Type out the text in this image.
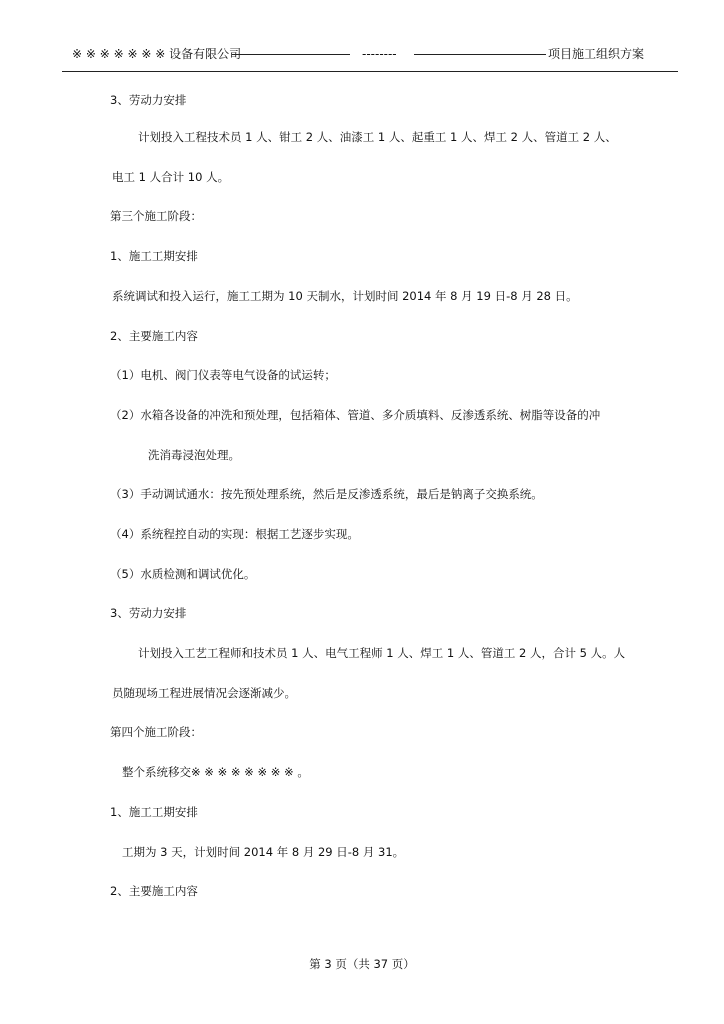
※ ※ ※ ※ ※ ※ ※ 设备有限公司	--------	项目施工组织方案
3、劳动力安排
计划投入工程技术员 1 人、钳工 2 人、油漆工 1 人、起重工 1 人、焊工 2 人、管道工 2 人、
电工 1 人合计 10 人。
第三个施工阶段：
1、施工工期安排
系统调试和投入运行，施工工期为 10 天制水，计划时间 2014 年 8 月 19 日-8 月 28 日。
2、主要施工内容
（1）电机、阀门仪表等电气设备的试运转；
（2）水箱各设备的冲洗和预处理，包括箱体、管道、多介质填料、反渗透系统、树脂等设备的冲
洗消毒浸泡处理。
（3）手动调试通水：按先预处理系统，然后是反渗透系统，最后是钠离子交换系统。
（4）系统程控自动的实现：根据工艺逐步实现。
（5）水质检测和调试优化。
3、劳动力安排
计划投入工艺工程师和技术员 1 人、电气工程师 1 人、焊工 1 人、管道工 2 人，合计 5 人。人
员随现场工程进展情况会逐渐减少。
第四个施工阶段：
整个系统移交※ ※ ※ ※ ※ ※ ※ ※ 。
1、施工工期安排
工期为 3 天，计划时间 2014 年 8 月 29 日-8 月 31。
2、主要施工内容
第 3 页（共 37 页）
